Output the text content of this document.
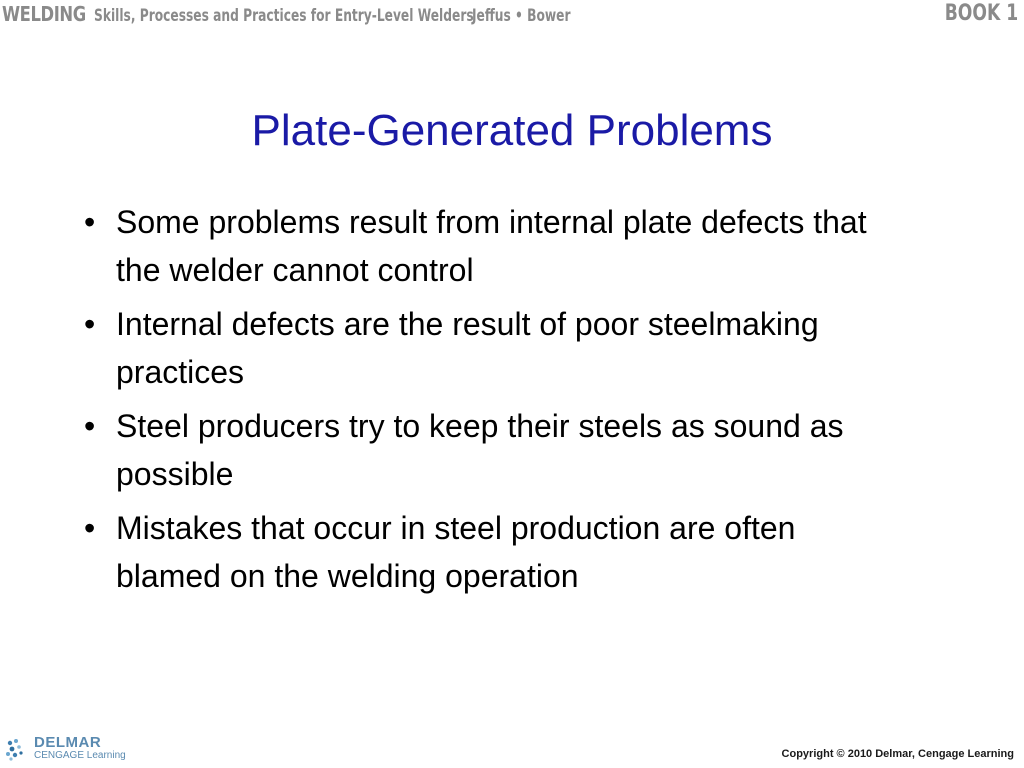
WELDING Skills, Processes and Practices for Entry-Level Welders
Jeffus • Bower	BOOK 1
Plate-Generated Problems
• Some problems result from internal plate defects that the welder cannot control
• Internal defects are the result of poor steelmaking practices
• Steel producers try to keep their steels as sound as possible
• Mistakes that occur in steel production are often blamed on the welding operation
DELMAR
CENGAGE Learning	Copyright © 2010 Delmar, Cengage Learning
